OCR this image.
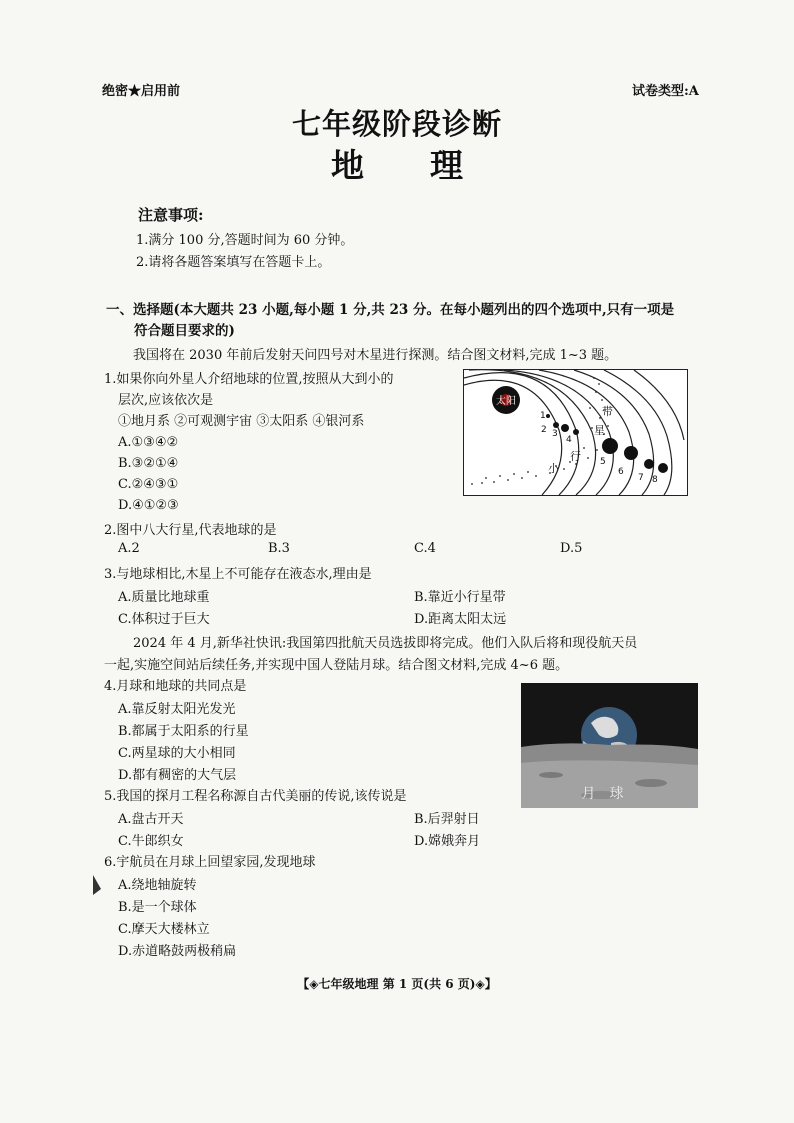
绝密★启用前	试卷类型:A
七年级阶段诊断
地理
注意事项:
1.满分 100 分,答题时间为 60 分钟。
2.请将各题答案填写在答题卡上。
一、选择题(本大题共 23 小题,每小题 1 分,共 23 分。在每小题列出的四个选项中,只有一项是
符合题目要求的)
我国将在 2030 年前后发射天问四号对木星进行探测。结合图文材料,完成 1~3 题。
1.如果你向外星人介绍地球的位置,按照从大到小的
层次,应该依次是
①地月系 ②可观测宇宙 ③太阳系 ④银河系
A.①③④②
B.③②①④
C.②④③①
D.④①②③
太阳
1
2 3
4
5
6
7 8
小
行
星
带
2.图中八大行星,代表地球的是
A.2	B.3	C.4	D.5
3.与地球相比,木星上不可能存在液态水,理由是
A.质量比地球重	B.靠近小行星带
C.体积过于巨大	D.距离太阳太远
2024 年 4 月,新华社快讯:我国第四批航天员选拔即将完成。他们入队后将和现役航天员
一起,实施空间站后续任务,并实现中国人登陆月球。结合图文材料,完成 4~6 题。
4.月球和地球的共同点是
A.靠反射太阳光发光
B.都属于太阳系的行星
C.两星球的大小相同
D.都有稠密的大气层
月球
5.我国的探月工程名称源自古代美丽的传说,该传说是
A.盘古开天	B.后羿射日
C.牛郎织女	D.嫦娥奔月
6.宇航员在月球上回望家园,发现地球
A.绕地轴旋转
B.是一个球体
C.摩天大楼林立
D.赤道略鼓两极稍扁
【◈七年级地理 第 1 页(共 6 页)◈】
